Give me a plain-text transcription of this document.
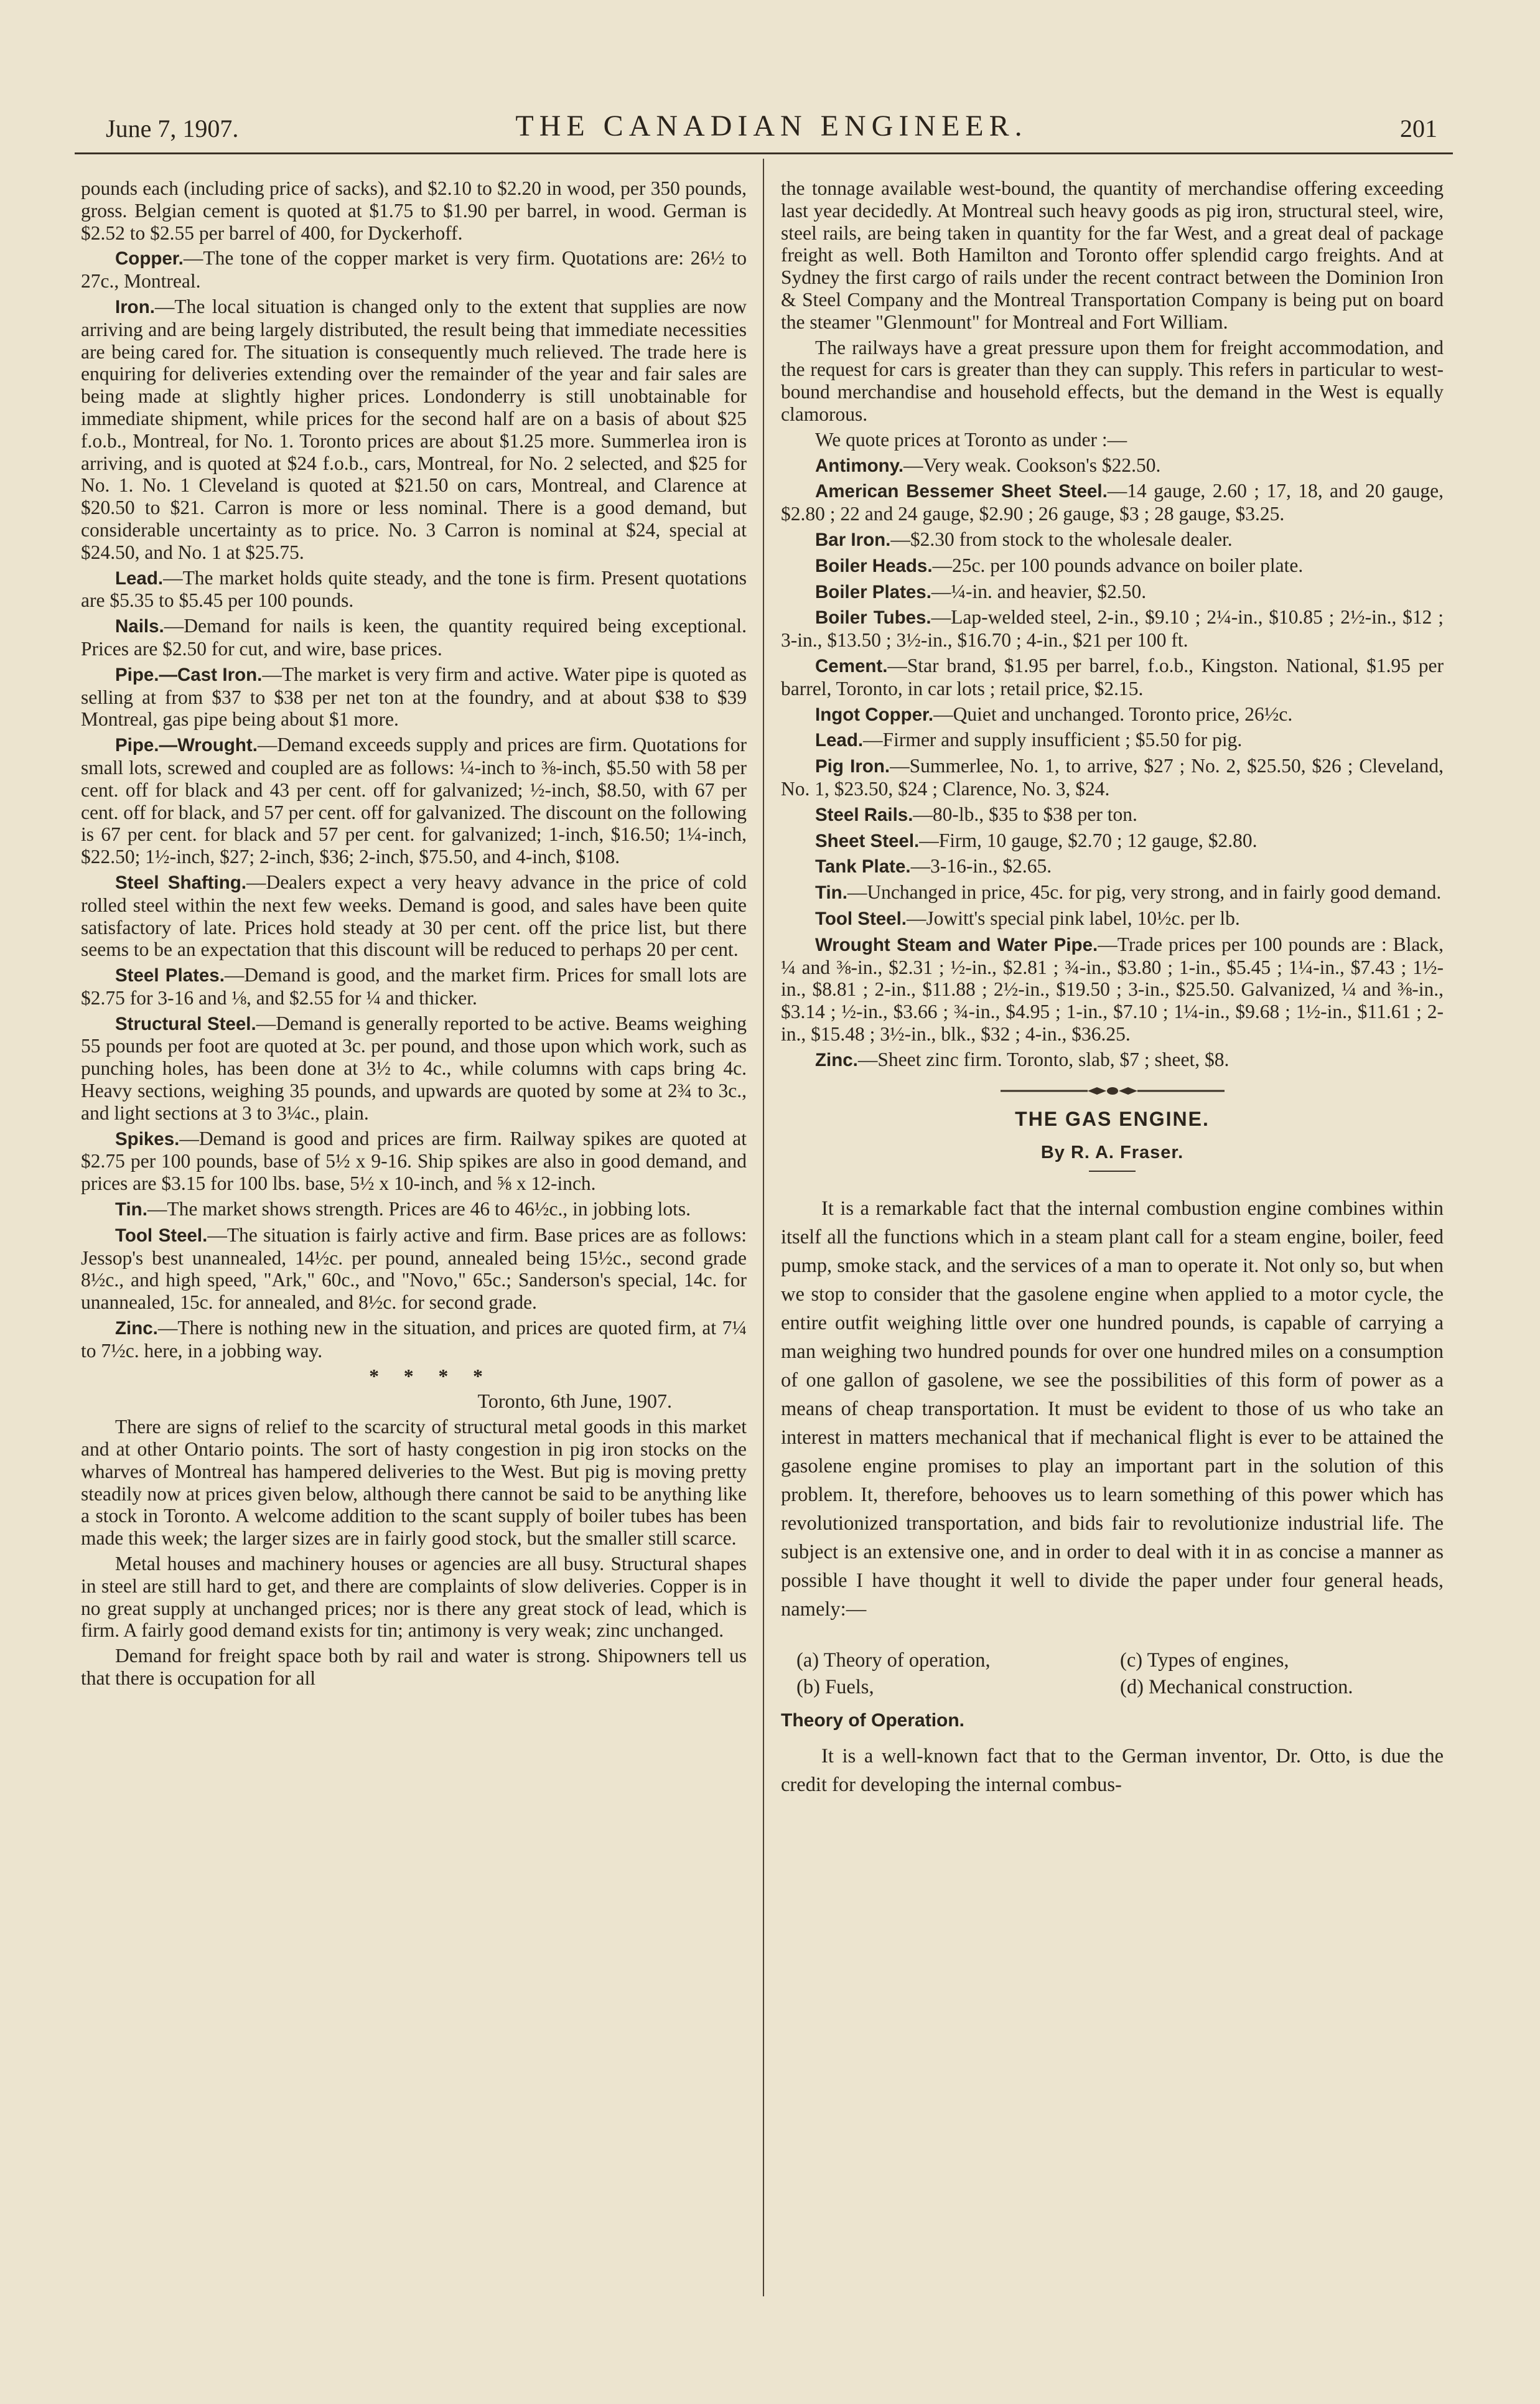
June 7, 1907.	THE CANADIAN ENGINEER.	201

pounds each (including price of sacks), and $2.10 to $2.20 in wood, per 350 pounds, gross. Belgian cement is quoted at $1.75 to $1.90 per barrel, in wood. German is $2.52 to $2.55 per barrel of 400, for Dyckerhoff.

Copper.—The tone of the copper market is very firm. Quotations are: 26½ to 27c., Montreal.

Iron.—The local situation is changed only to the extent that supplies are now arriving and are being largely distributed, the result being that immediate necessities are being cared for. The situation is consequently much relieved. The trade here is enquiring for deliveries extending over the remainder of the year and fair sales are being made at slightly higher prices. Londonderry is still unobtainable for immediate shipment, while prices for the second half are on a basis of about $25 f.o.b., Montreal, for No. 1. Toronto prices are about $1.25 more. Summerlea iron is arriving, and is quoted at $24 f.o.b., cars, Montreal, for No. 2 selected, and $25 for No. 1. No. 1 Cleveland is quoted at $21.50 on cars, Montreal, and Clarence at $20.50 to $21. Carron is more or less nominal. There is a good demand, but considerable uncertainty as to price. No. 3 Carron is nominal at $24, special at $24.50, and No. 1 at $25.75.

Lead.—The market holds quite steady, and the tone is firm. Present quotations are $5.35 to $5.45 per 100 pounds.

Nails.—Demand for nails is keen, the quantity required being exceptional. Prices are $2.50 for cut, and wire, base prices.

Pipe.—Cast Iron.—The market is very firm and active. Water pipe is quoted as selling at from $37 to $38 per net ton at the foundry, and at about $38 to $39 Montreal, gas pipe being about $1 more.

Pipe.—Wrought.—Demand exceeds supply and prices are firm. Quotations for small lots, screwed and coupled are as follows: ¼-inch to ⅜-inch, $5.50 with 58 per cent. off for black and 43 per cent. off for galvanized; ½-inch, $8.50, with 67 per cent. off for black, and 57 per cent. off for galvanized. The discount on the following is 67 per cent. for black and 57 per cent. for galvanized; 1-inch, $16.50; 1¼-inch, $22.50; 1½-inch, $27; 2-inch, $36; 2-inch, $75.50, and 4-inch, $108.

Steel Shafting.—Dealers expect a very heavy advance in the price of cold rolled steel within the next few weeks. Demand is good, and sales have been quite satisfactory of late. Prices hold steady at 30 per cent. off the price list, but there seems to be an expectation that this discount will be reduced to perhaps 20 per cent.

Steel Plates.—Demand is good, and the market firm. Prices for small lots are $2.75 for 3-16 and ⅛, and $2.55 for ¼ and thicker.

Structural Steel.—Demand is generally reported to be active. Beams weighing 55 pounds per foot are quoted at 3c. per pound, and those upon which work, such as punching holes, has been done at 3½ to 4c., while columns with caps bring 4c. Heavy sections, weighing 35 pounds, and upwards are quoted by some at 2¾ to 3c., and light sections at 3 to 3¼c., plain.

Spikes.—Demand is good and prices are firm. Railway spikes are quoted at $2.75 per 100 pounds, base of 5½ x 9-16. Ship spikes are also in good demand, and prices are $3.15 for 100 lbs. base, 5½ x 10-inch, and ⅝ x 12-inch.

Tin.—The market shows strength. Prices are 46 to 46½c., in jobbing lots.

Tool Steel.—The situation is fairly active and firm. Base prices are as follows: Jessop's best unannealed, 14½c. per pound, annealed being 15½c., second grade 8½c., and high speed, "Ark," 60c., and "Novo," 65c.; Sanderson's special, 14c. for unannealed, 15c. for annealed, and 8½c. for second grade.

Zinc.—There is nothing new in the situation, and prices are quoted firm, at 7¼ to 7½c. here, in a jobbing way.

* * * *

Toronto, 6th June, 1907.

There are signs of relief to the scarcity of structural metal goods in this market and at other Ontario points. The sort of hasty congestion in pig iron stocks on the wharves of Montreal has hampered deliveries to the West. But pig is moving pretty steadily now at prices given below, although there cannot be said to be anything like a stock in Toronto. A welcome addition to the scant supply of boiler tubes has been made this week; the larger sizes are in fairly good stock, but the smaller still scarce.

Metal houses and machinery houses or agencies are all busy. Structural shapes in steel are still hard to get, and there are complaints of slow deliveries. Copper is in no great supply at unchanged prices; nor is there any great stock of lead, which is firm. A fairly good demand exists for tin; antimony is very weak; zinc unchanged.

Demand for freight space both by rail and water is strong. Shipowners tell us that there is occupation for all

the tonnage available west-bound, the quantity of merchandise offering exceeding last year decidedly. At Montreal such heavy goods as pig iron, structural steel, wire, steel rails, are being taken in quantity for the far West, and a great deal of package freight as well. Both Hamilton and Toronto offer splendid cargo freights. And at Sydney the first cargo of rails under the recent contract between the Dominion Iron & Steel Company and the Montreal Transportation Company is being put on board the steamer "Glenmount" for Montreal and Fort William.

The railways have a great pressure upon them for freight accommodation, and the request for cars is greater than they can supply. This refers in particular to west-bound merchandise and household effects, but the demand in the West is equally clamorous.

We quote prices at Toronto as under :—

Antimony.—Very weak. Cookson's $22.50.

American Bessemer Sheet Steel.—14 gauge, 2.60 ; 17, 18, and 20 gauge, $2.80 ; 22 and 24 gauge, $2.90 ; 26 gauge, $3 ; 28 gauge, $3.25.

Bar Iron.—$2.30 from stock to the wholesale dealer.

Boiler Heads.—25c. per 100 pounds advance on boiler plate.

Boiler Plates.—¼-in. and heavier, $2.50.

Boiler Tubes.—Lap-welded steel, 2-in., $9.10 ; 2¼-in., $10.85 ; 2½-in., $12 ; 3-in., $13.50 ; 3½-in., $16.70 ; 4-in., $21 per 100 ft.

Cement.—Star brand, $1.95 per barrel, f.o.b., Kingston. National, $1.95 per barrel, Toronto, in car lots ; retail price, $2.15.

Ingot Copper.—Quiet and unchanged. Toronto price, 26½c.

Lead.—Firmer and supply insufficient ; $5.50 for pig.

Pig Iron.—Summerlee, No. 1, to arrive, $27 ; No. 2, $25.50, $26 ; Cleveland, No. 1, $23.50, $24 ; Clarence, No. 3, $24.

Steel Rails.—80-lb., $35 to $38 per ton.

Sheet Steel.—Firm, 10 gauge, $2.70 ; 12 gauge, $2.80.

Tank Plate.—3-16-in., $2.65.

Tin.—Unchanged in price, 45c. for pig, very strong, and in fairly good demand.

Tool Steel.—Jowitt's special pink label, 10½c. per lb.

Wrought Steam and Water Pipe.—Trade prices per 100 pounds are : Black, ¼ and ⅜-in., $2.31 ; ½-in., $2.81 ; ¾-in., $3.80 ; 1-in., $5.45 ; 1¼-in., $7.43 ; 1½-in., $8.81 ; 2-in., $11.88 ; 2½-in., $19.50 ; 3-in., $25.50. Galvanized, ¼ and ⅜-in., $3.14 ; ½-in., $3.66 ; ¾-in., $4.95 ; 1-in., $7.10 ; 1¼-in., $9.68 ; 1½-in., $11.61 ; 2-in., $15.48 ; 3½-in., blk., $32 ; 4-in., $36.25.

Zinc.—Sheet zinc firm. Toronto, slab, $7 ; sheet, $8.

THE GAS ENGINE.
By R. A. Fraser.

It is a remarkable fact that the internal combustion engine combines within itself all the functions which in a steam plant call for a steam engine, boiler, feed pump, smoke stack, and the services of a man to operate it. Not only so, but when we stop to consider that the gasolene engine when applied to a motor cycle, the entire outfit weighing little over one hundred pounds, is capable of carrying a man weighing two hundred pounds for over one hundred miles on a consumption of one gallon of gasolene, we see the possibilities of this form of power as a means of cheap transportation. It must be evident to those of us who take an interest in matters mechanical that if mechanical flight is ever to be attained the gasolene engine promises to play an important part in the solution of this problem. It, therefore, behooves us to learn something of this power which has revolutionized transportation, and bids fair to revolutionize industrial life. The subject is an extensive one, and in order to deal with it in as concise a manner as possible I have thought it well to divide the paper under four general heads, namely:—

(a) Theory of operation,	(c) Types of engines,
(b) Fuels,	(d) Mechanical construction.
Theory of Operation.

It is a well-known fact that to the German inventor, Dr. Otto, is due the credit for developing the internal combus-
